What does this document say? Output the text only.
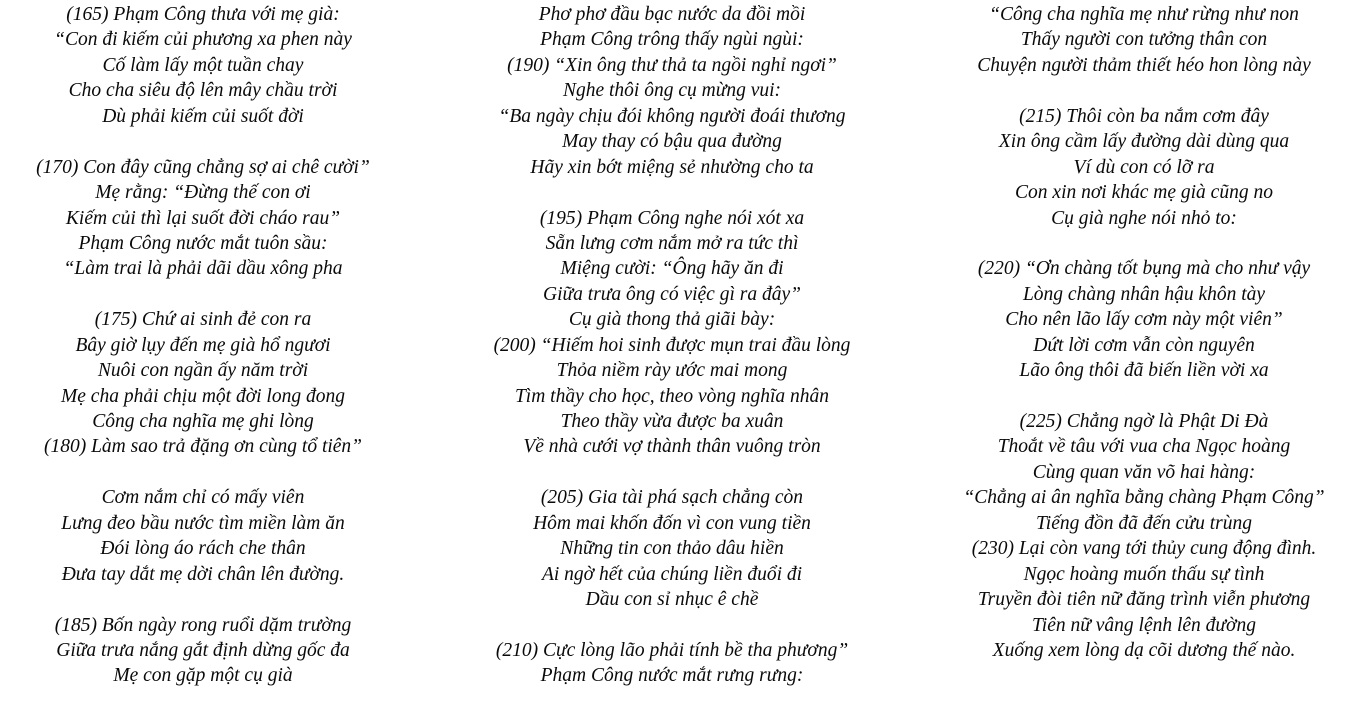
(165) Phạm Công thưa với mẹ già:
“Con đi kiếm củi phương xa phen này
Cố làm lấy một tuần chay
Cho cha siêu độ lên mây chầu trời
Dù phải kiếm củi suốt đời
(170) Con đây cũng chẳng sợ ai chê cười”
Mẹ rằng: “Đừng thế con ơi
Kiếm củi thì lại suốt đời cháo rau”
Phạm Công nước mắt tuôn sầu:
“Làm trai là phải dãi dầu xông pha
(175) Chứ ai sinh đẻ con ra
Bây giờ lụy đến mẹ già hổ ngươi
Nuôi con ngần ấy năm trời
Mẹ cha phải chịu một đời long đong
Công cha nghĩa mẹ ghi lòng
(180) Làm sao trả đặng ơn cùng tổ tiên”
Cơm nắm chỉ có mấy viên
Lưng đeo bầu nước tìm miền làm ăn
Đói lòng áo rách che thân
Đưa tay dắt mẹ dời chân lên đường.
(185) Bốn ngày rong ruổi dặm trường
Giữa trưa nắng gắt định dừng gốc đa
Mẹ con gặp một cụ già
Phơ phơ đầu bạc nước da đồi mồi
Phạm Công trông thấy ngùi ngùi:
(190) “Xin ông thư thả ta ngồi nghỉ ngơi”
Nghe thôi ông cụ mừng vui:
“Ba ngày chịu đói không người đoái thương
May thay có bậu qua đường
Hãy xin bớt miệng sẻ nhường cho ta
(195) Phạm Công nghe nói xót xa
Sẵn lưng cơm nắm mở ra tức thì
Miệng cười: “Ông hãy ăn đi
Giữa trưa ông có việc gì ra đây”
Cụ già thong thả giãi bày:
(200) “Hiếm hoi sinh được mụn trai đầu lòng
Thỏa niềm rày ước mai mong
Tìm thầy cho học, theo vòng nghĩa nhân
Theo thầy vừa được ba xuân
Về nhà cưới vợ thành thân vuông tròn
(205) Gia tài phá sạch chẳng còn
Hôm mai khốn đốn vì con vung tiền
Những tin con thảo dâu hiền
Ai ngờ hết của chúng liền đuổi đi
Dầu con sỉ nhục ê chề
(210) Cực lòng lão phải tính bề tha phương”
Phạm Công nước mắt rưng rưng:
“Công cha nghĩa mẹ như rừng như non
Thấy người con tưởng thân con
Chuyện người thảm thiết héo hon lòng này
(215) Thôi còn ba nắm cơm đây
Xin ông cầm lấy đường dài dùng qua
Ví dù con có lỡ ra
Con xin nơi khác mẹ già cũng no
Cụ già nghe nói nhỏ to:
(220) “Ơn chàng tốt bụng mà cho như vậy
Lòng chàng nhân hậu khôn tày
Cho nên lão lấy cơm này một viên”
Dứt lời cơm vẫn còn nguyên
Lão ông thôi đã biến liền vời xa
(225) Chẳng ngờ là Phật Di Đà
Thoắt về tâu với vua cha Ngọc hoàng
Cùng quan văn võ hai hàng:
“Chẳng ai ân nghĩa bằng chàng Phạm Công”
Tiếng đồn đã đến cửu trùng
(230) Lại còn vang tới thủy cung động đình.
Ngọc hoàng muốn thấu sự tình
Truyền đòi tiên nữ đăng trình viễn phương
Tiên nữ vâng lệnh lên đường
Xuống xem lòng dạ cõi dương thế nào.
